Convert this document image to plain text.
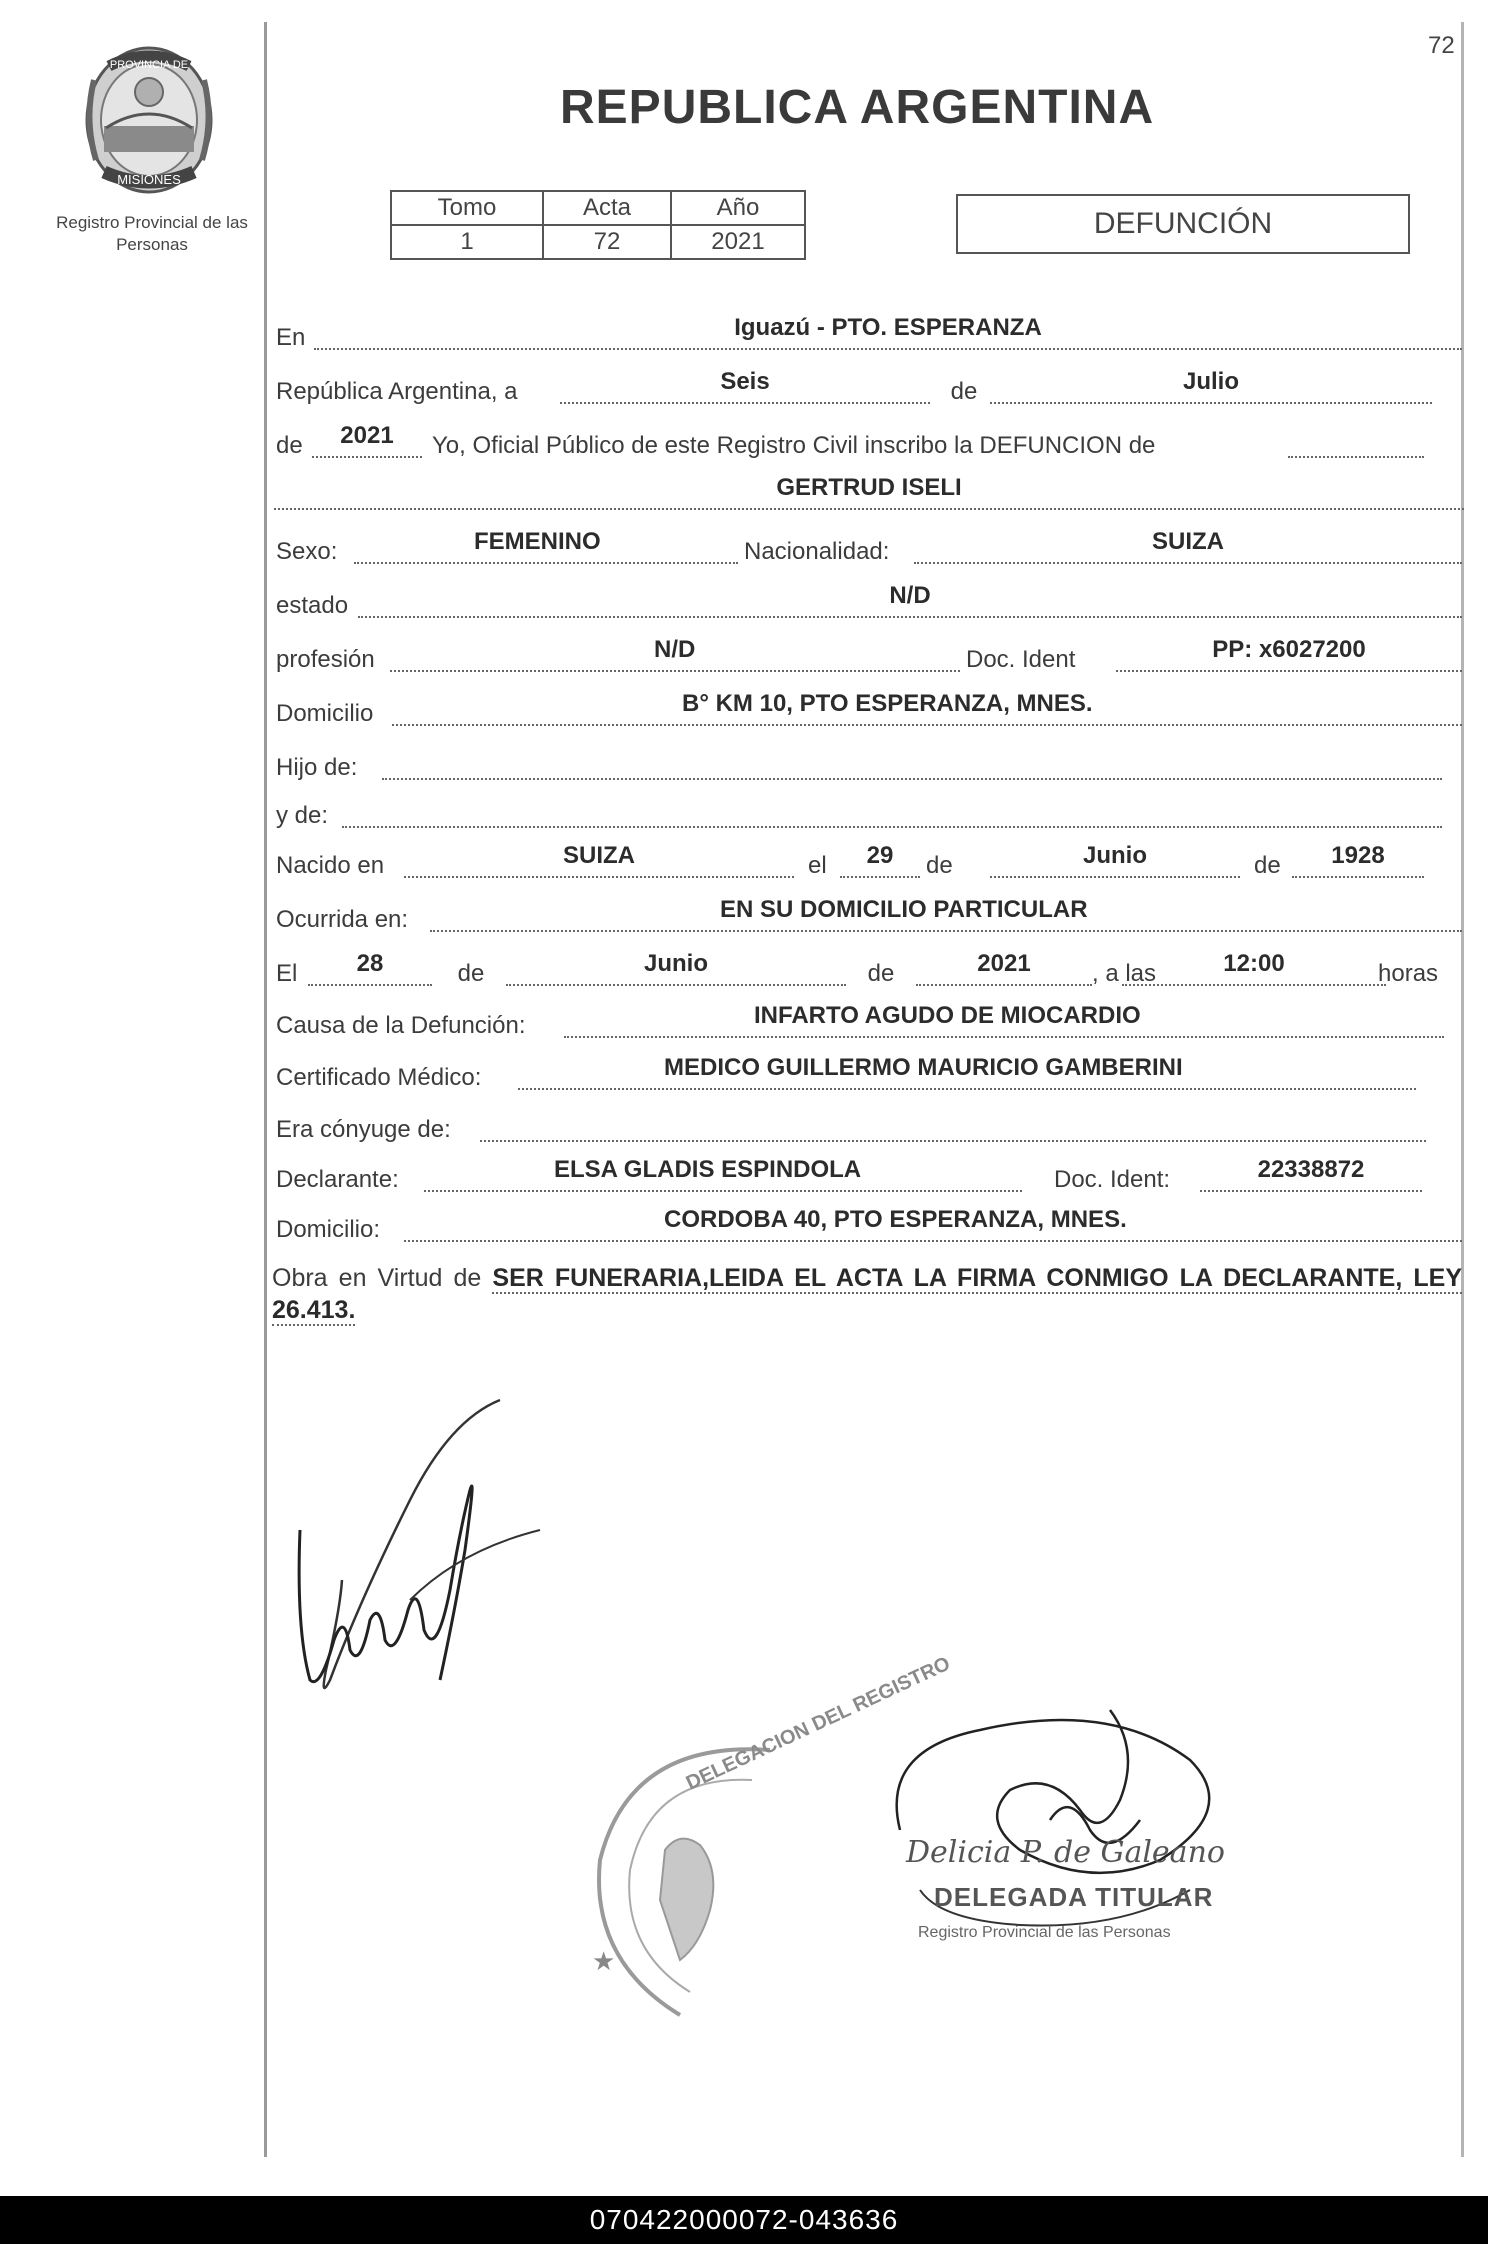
72
PROVINCIA DE
MISIONES
Registro Provincial de las Personas
REPUBLICA ARGENTINA
Tomo	Acta	Año
1	72	2021
DEFUNCIÓN
En	Iguazú - PTO. ESPERANZA
República Argentina, a	Seis	de	Julio
de	2021	Yo, Oficial Público de este Registro Civil inscribo la DEFUNCION de
GERTRUD ISELI
Sexo:	FEMENINO	Nacionalidad:	SUIZA
estado	N/D
profesión	N/D	Doc. Ident	PP: x6027200
Domicilio	B° KM 10, PTO ESPERANZA, MNES.
Hijo de:
y de:
Nacido en	SUIZA	el	29	de	Junio	de	1928
Ocurrida en:	EN SU DOMICILIO PARTICULAR
El	28	de	Junio	de	2021	, a las	12:00	horas
Causa de la Defunción:	INFARTO AGUDO DE MIOCARDIO
Certificado Médico:	MEDICO GUILLERMO MAURICIO GAMBERINI
Era cónyuge de:
Declarante:	ELSA GLADIS ESPINDOLA	Doc. Ident:	22338872
Domicilio:	CORDOBA 40, PTO ESPERANZA, MNES.
Obra en Virtud de SER FUNERARIA,LEIDA EL ACTA LA FIRMA CONMIGO LA DECLARANTE, LEY 26.413.
DELEGACION DEL REGISTRO
★
Delicia P. de Galeano
DELEGADA TITULAR
Registro Provincial de las Personas
070422000072-043636
